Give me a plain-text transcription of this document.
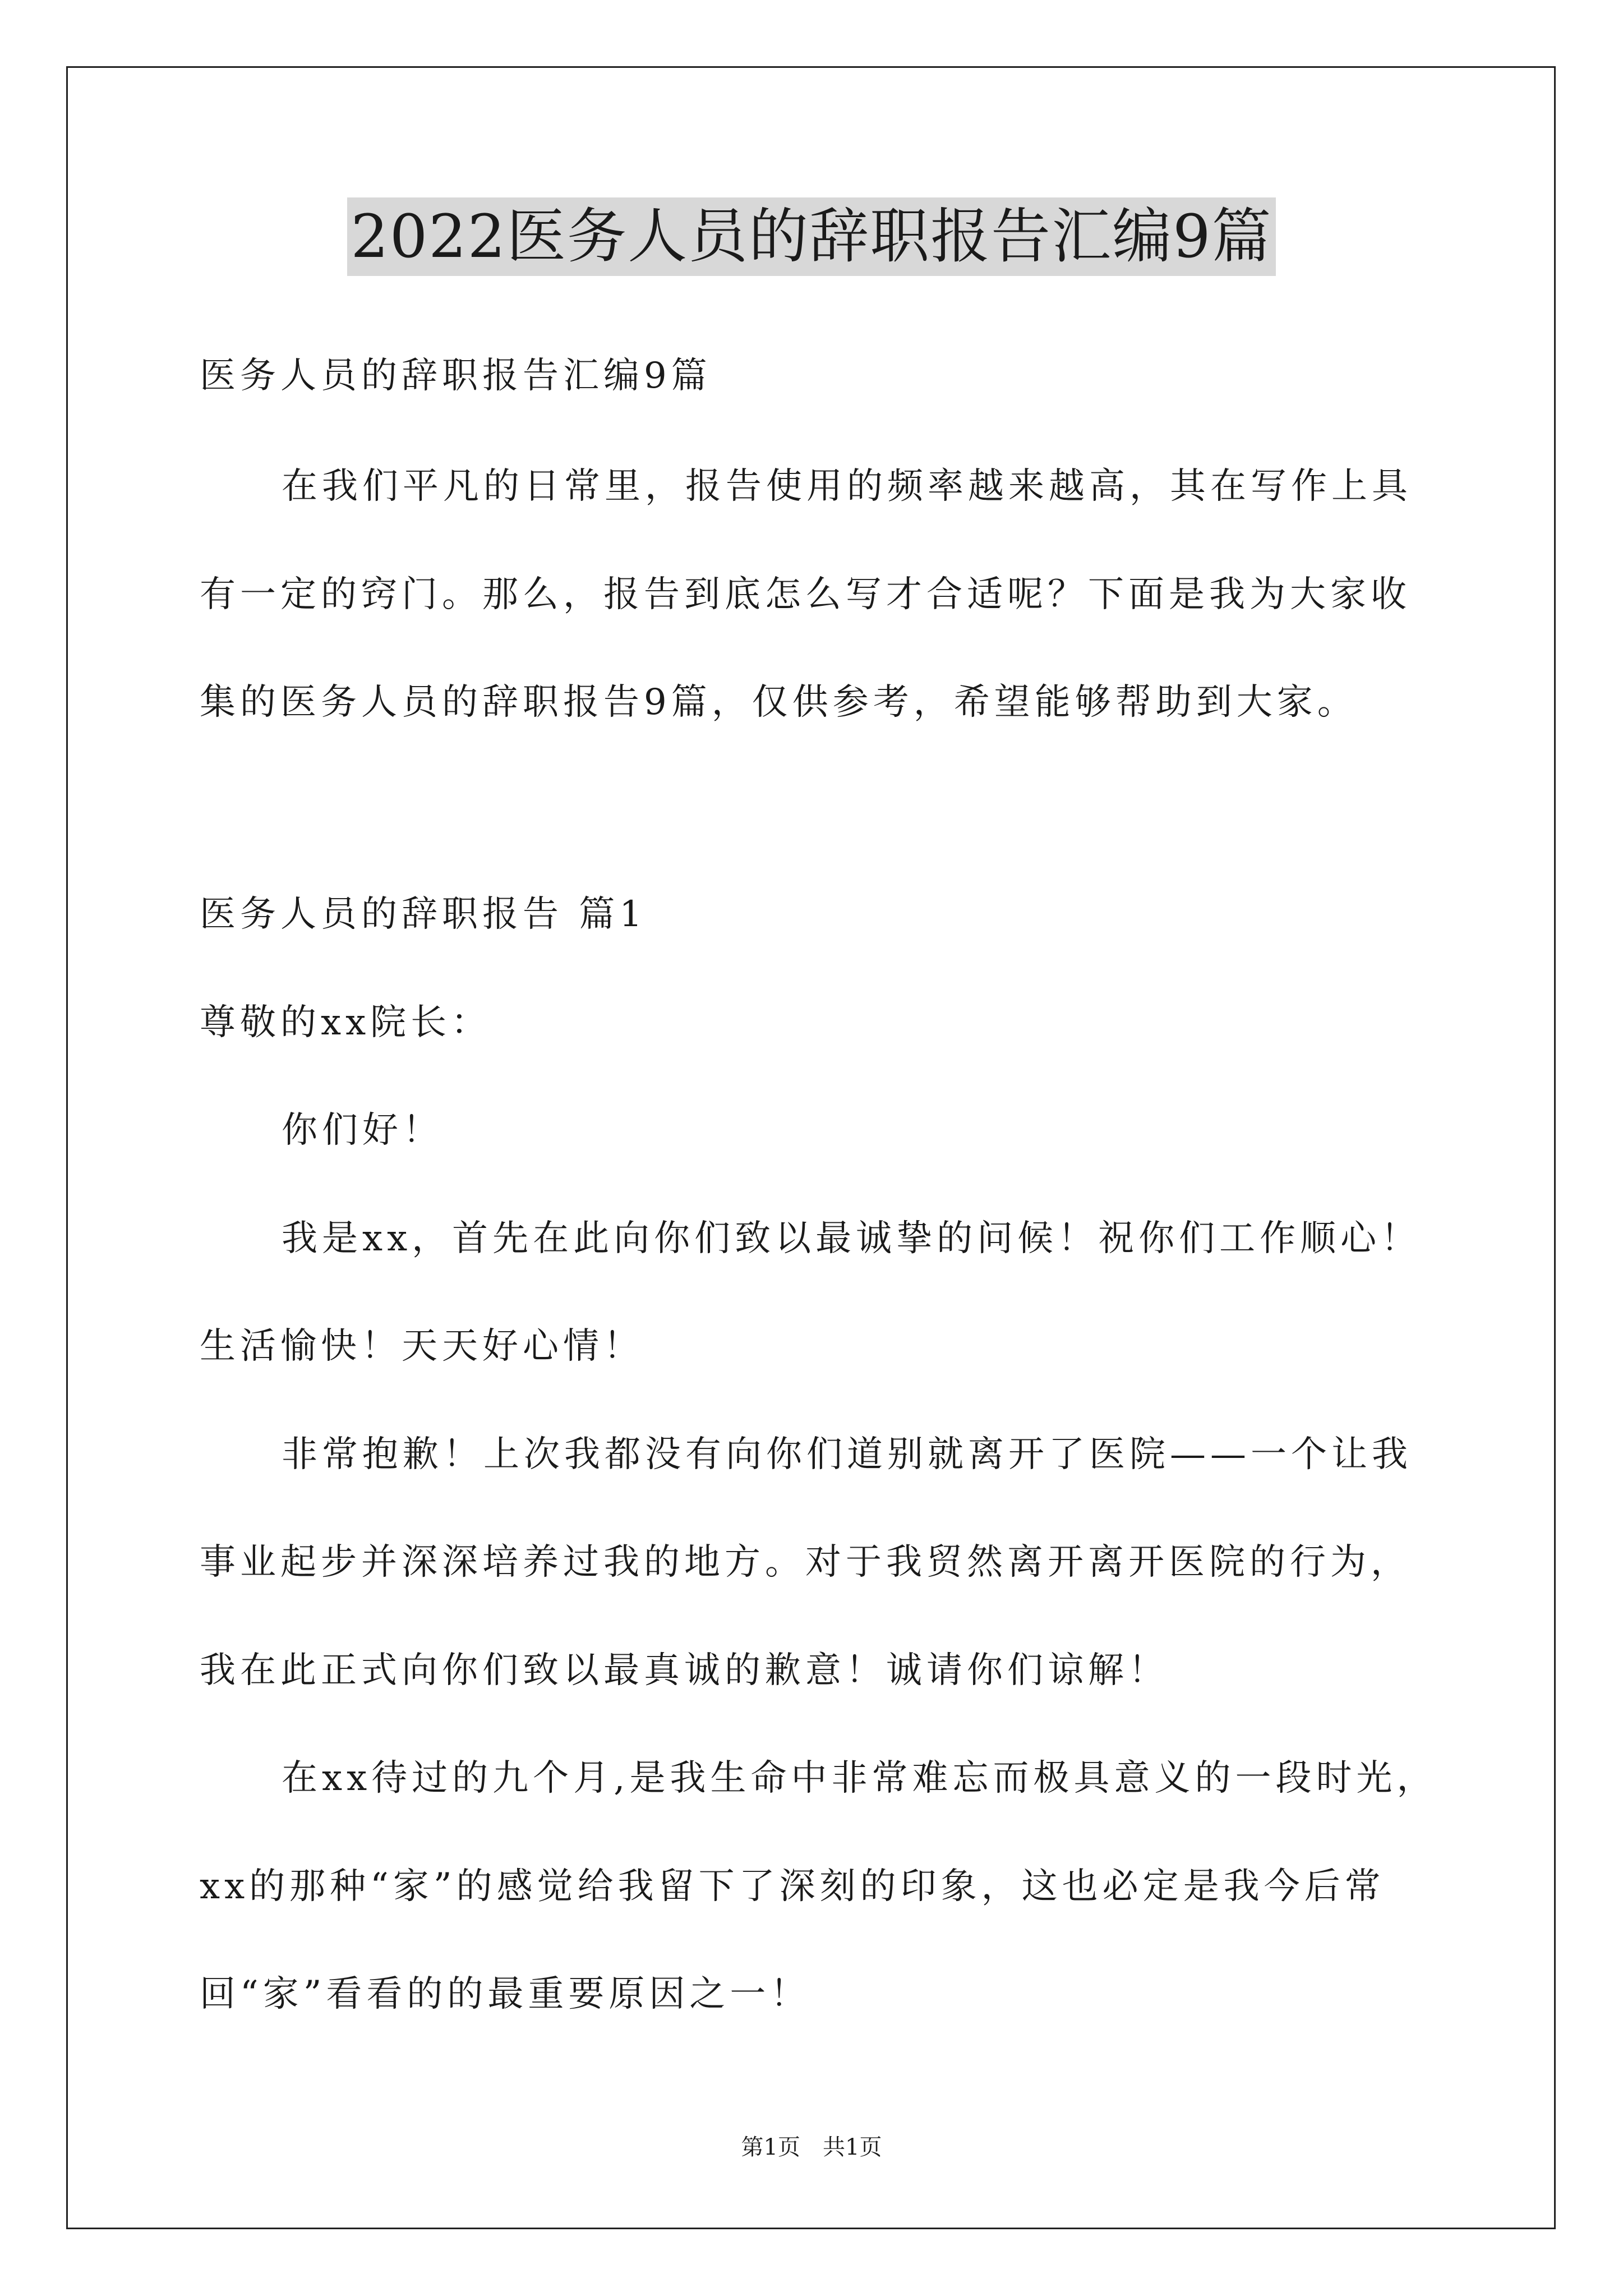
2022医务人员的辞职报告汇编9篇

医务人员的辞职报告汇编9篇

在我们平凡的日常里，报告使用的频率越来越高，其在写作上具

有一定的窍门。那么，报告到底怎么写才合适呢？下面是我为大家收

集的医务人员的辞职报告9篇，仅供参考，希望能够帮助到大家。

医务人员的辞职报告 篇1

尊敬的xx院长：

你们好！

我是xx，首先在此向你们致以最诚挚的问候！祝你们工作顺心！

生活愉快！天天好心情！

非常抱歉！上次我都没有向你们道别就离开了医院——一个让我

事业起步并深深培养过我的地方。对于我贸然离开离开医院的行为，

我在此正式向你们致以最真诚的歉意！诚请你们谅解！

在xx待过的九个月,是我生命中非常难忘而极具意义的一段时光，

xx的那种“家”的感觉给我留下了深刻的印象，这也必定是我今后常

回“家”看看的的最重要原因之一！

第1页　共1页
